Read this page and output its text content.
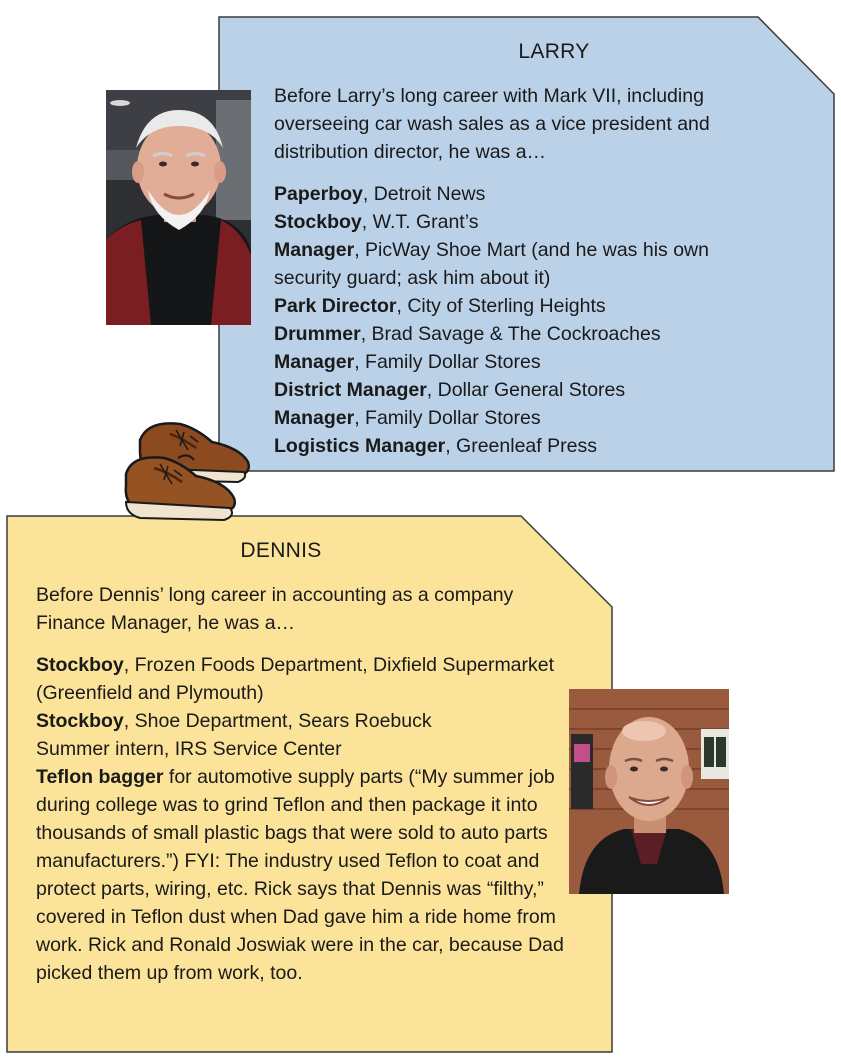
LARRY

Before Larry’s long career with Mark VII, including overseeing car wash sales as a vice president and distribution director, he was a…

Paperboy, Detroit News
Stockboy, W.T. Grant’s
Manager, PicWay Shoe Mart (and he was his own security guard; ask him about it)
Park Director, City of Sterling Heights
Drummer, Brad Savage & The Cockroaches
Manager, Family Dollar Stores
District Manager, Dollar General Stores
Manager, Family Dollar Stores
Logistics Manager, Greenleaf Press
DENNIS

Before Dennis’ long career in accounting as a company Finance Manager, he was a…

Stockboy, Frozen Foods Department, Dixfield Supermarket (Greenfield and Plymouth)
Stockboy, Shoe Department, Sears Roebuck
Summer intern, IRS Service Center
Teflon bagger for automotive supply parts (“My summer job during college was to grind Teflon and then package it into thousands of small plastic bags that were sold to auto parts manufacturers.”) FYI: The industry used Teflon to coat and protect parts, wiring, etc. Rick says that Dennis was “filthy,” covered in Teflon dust when Dad gave him a ride home from work. Rick and Ronald Joswiak were in the car, because Dad picked them up from work, too.
